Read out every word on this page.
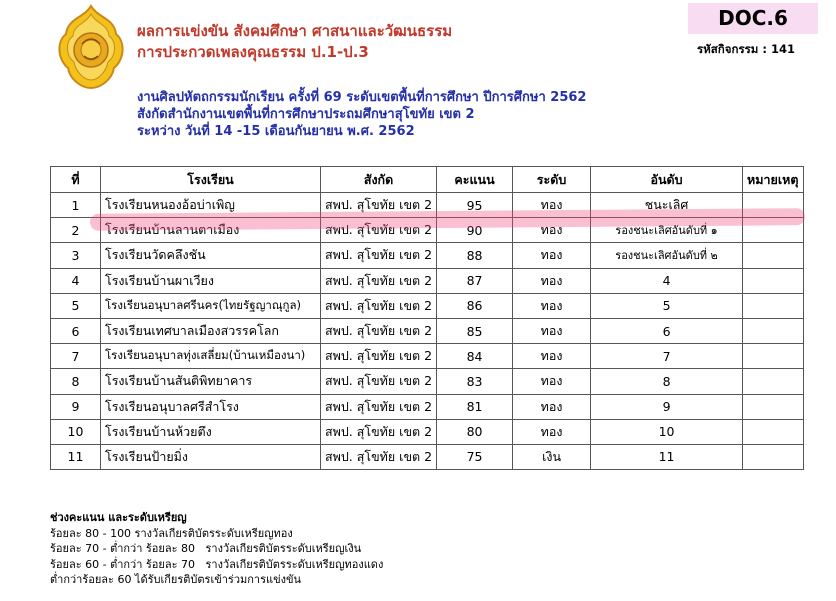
ผลการแข่งขัน สังคมศึกษา ศาสนาและวัฒนธรรม
การประกวดเพลงคุณธรรม ป.1-ป.3
DOC.6
รหัสกิจกรรม : 141
งานศิลปหัตถกรรมนักเรียน ครั้งที่ 69 ระดับเขตพื้นที่การศึกษา ปีการศึกษา 2562
สังกัดสำนักงานเขตพื้นที่การศึกษาประถมศึกษาสุโขทัย เขต 2
ระหว่าง วันที่ 14 -15 เดือนกันยายน พ.ศ. 2562
ที่	โรงเรียน	สังกัด	คะแนน	ระดับ	อันดับ	หมายเหตุ
1	โรงเรียนหนองอ้อบ่าเพิญ	สพป. สุโขทัย เขต 2	95	ทอง	ชนะเลิศ	
2	โรงเรียนบ้านลานตาเมือง	สพป. สุโขทัย เขต 2	90	ทอง	รองชนะเลิศอันดับที่ ๑	
3	โรงเรียนวัดคลึงชัน	สพป. สุโขทัย เขต 2	88	ทอง	รองชนะเลิศอันดับที่ ๒	
4	โรงเรียนบ้านผาเวียง	สพป. สุโขทัย เขต 2	87	ทอง	4	
5	โรงเรียนอนุบาลศรีนคร(ไทยรัฐญาณุกูล)	สพป. สุโขทัย เขต 2	86	ทอง	5	
6	โรงเรียนเทศบาลเมืองสวรรคโลก	สพป. สุโขทัย เขต 2	85	ทอง	6	
7	โรงเรียนอนุบาลทุ่งเสลี่ยม(บ้านเหมืองนา)	สพป. สุโขทัย เขต 2	84	ทอง	7	
8	โรงเรียนบ้านสันติพิทยาคาร	สพป. สุโขทัย เขต 2	83	ทอง	8	
9	โรงเรียนอนุบาลศรีสำโรง	สพป. สุโขทัย เขต 2	81	ทอง	9	
10	โรงเรียนบ้านห้วยตึง	สพป. สุโขทัย เขต 2	80	ทอง	10	
11	โรงเรียนป้ายมิ่ง	สพป. สุโขทัย เขต 2	75	เงิน	11	
ช่วงคะแนน และระดับเหรียญ
ร้อยละ 80 - 100 รางวัลเกียรติบัตรระดับเหรียญทอง
ร้อยละ 70 - ต่ำกว่า ร้อยละ 80   รางวัลเกียรติบัตรระดับเหรียญเงิน
ร้อยละ 60 - ต่ำกว่า ร้อยละ 70   รางวัลเกียรติบัตรระดับเหรียญทองแดง
ต่ำกว่าร้อยละ 60 ได้รับเกียรติบัตรเข้าร่วมการแข่งขัน
